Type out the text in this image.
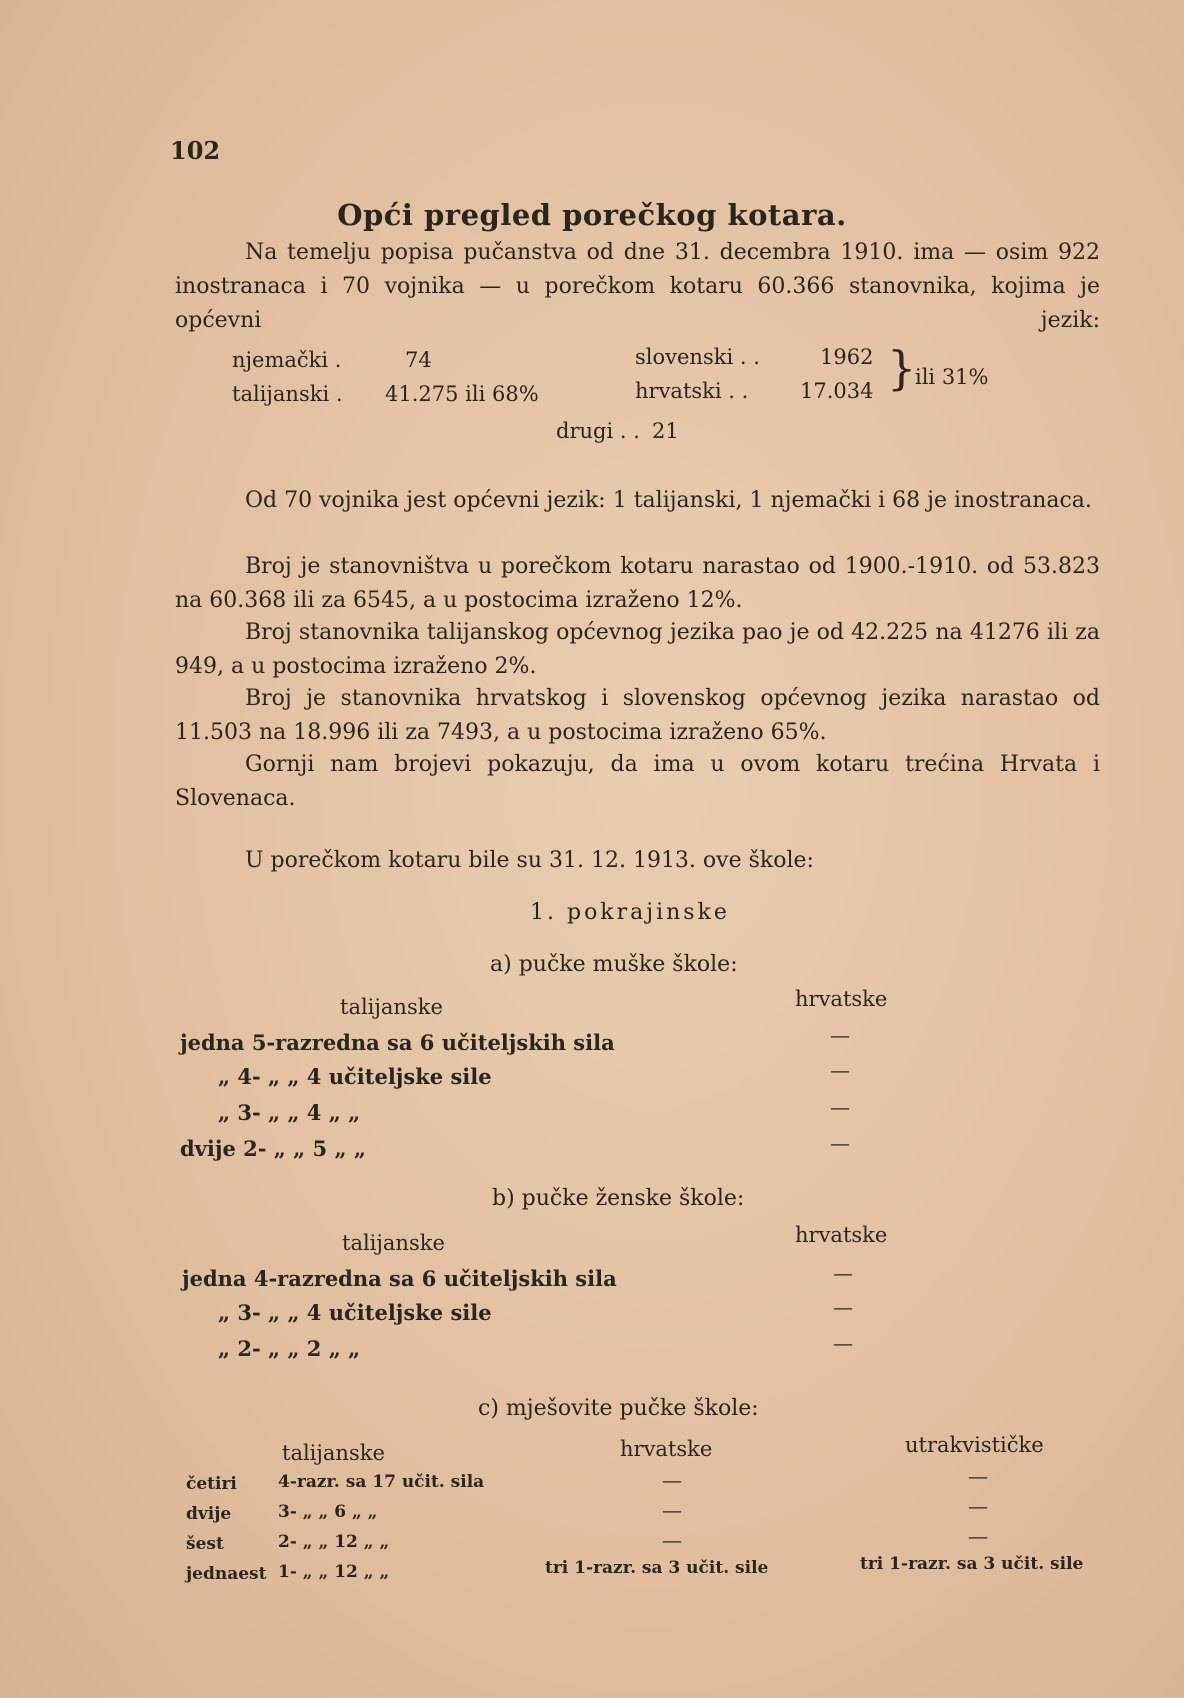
102
Opći pregled porečkog kotara.
Na temelju popisa pučanstva od dne 31. decembra 1910. ima — osim 922 inostranaca i 70 vojnika — u porečkom kotaru 60.366 stanovnika, kojima je općevni jezik:
njemački .	74
talijanski . 41.275 ili 68%
slovenski . .	1962
hrvatski . . 17.034 }
ili 31%
drugi . . 21
Od 70 vojnika jest općevni jezik: 1 talijanski, 1 njemački i 68 je inostranaca.
Broj je stanovništva u porečkom kotaru narastao od 1900.-1910. od 53.823 na 60.368 ili za 6545, a u postocima izraženo 12%.
Broj stanovnika talijanskog općevnog jezika pao je od 42.225 na 41276 ili za 949, a u postocima izraženo 2%.
Broj je stanovnika hrvatskog i slovenskog općevnog jezika narastao od 11.503 na 18.996 ili za 7493, a u postocima izraženo 65%.
Gornji nam brojevi pokazuju, da ima u ovom kotaru trećina Hrvata i Slovenaca.
U porečkom kotaru bile su 31. 12. 1913. ove škole:
1. pokrajinske
a) pučke muške škole:
talijanske	hrvatske
jedna 5-razredna sa 6 učiteljskih sila	—
„ 4- „ „ 4 učiteljske sile	—
„ 3- „ „ 4 „ „	—
dvije 2- „ „ 5 „ „	—
b) pučke ženske škole:
talijanske	hrvatske
jedna 4-razredna sa 6 učiteljskih sila	—
„ 3- „ „ 4 učiteljske sile	—
„ 2- „ „ 2 „ „	—
c) mješovite pučke škole:
talijanske	hrvatske	utrakvističke
četiri 4-razr. sa 17 učit. sila	—	—
dvije	3- „ „ 6 „ „	—	—
šest	2- „ „ 12 „ „	—	—
jednaest 1- „ „ 12 „ „	tri 1-razr. sa 3 učit. sile	tri 1-razr. sa 3 učit. sile
